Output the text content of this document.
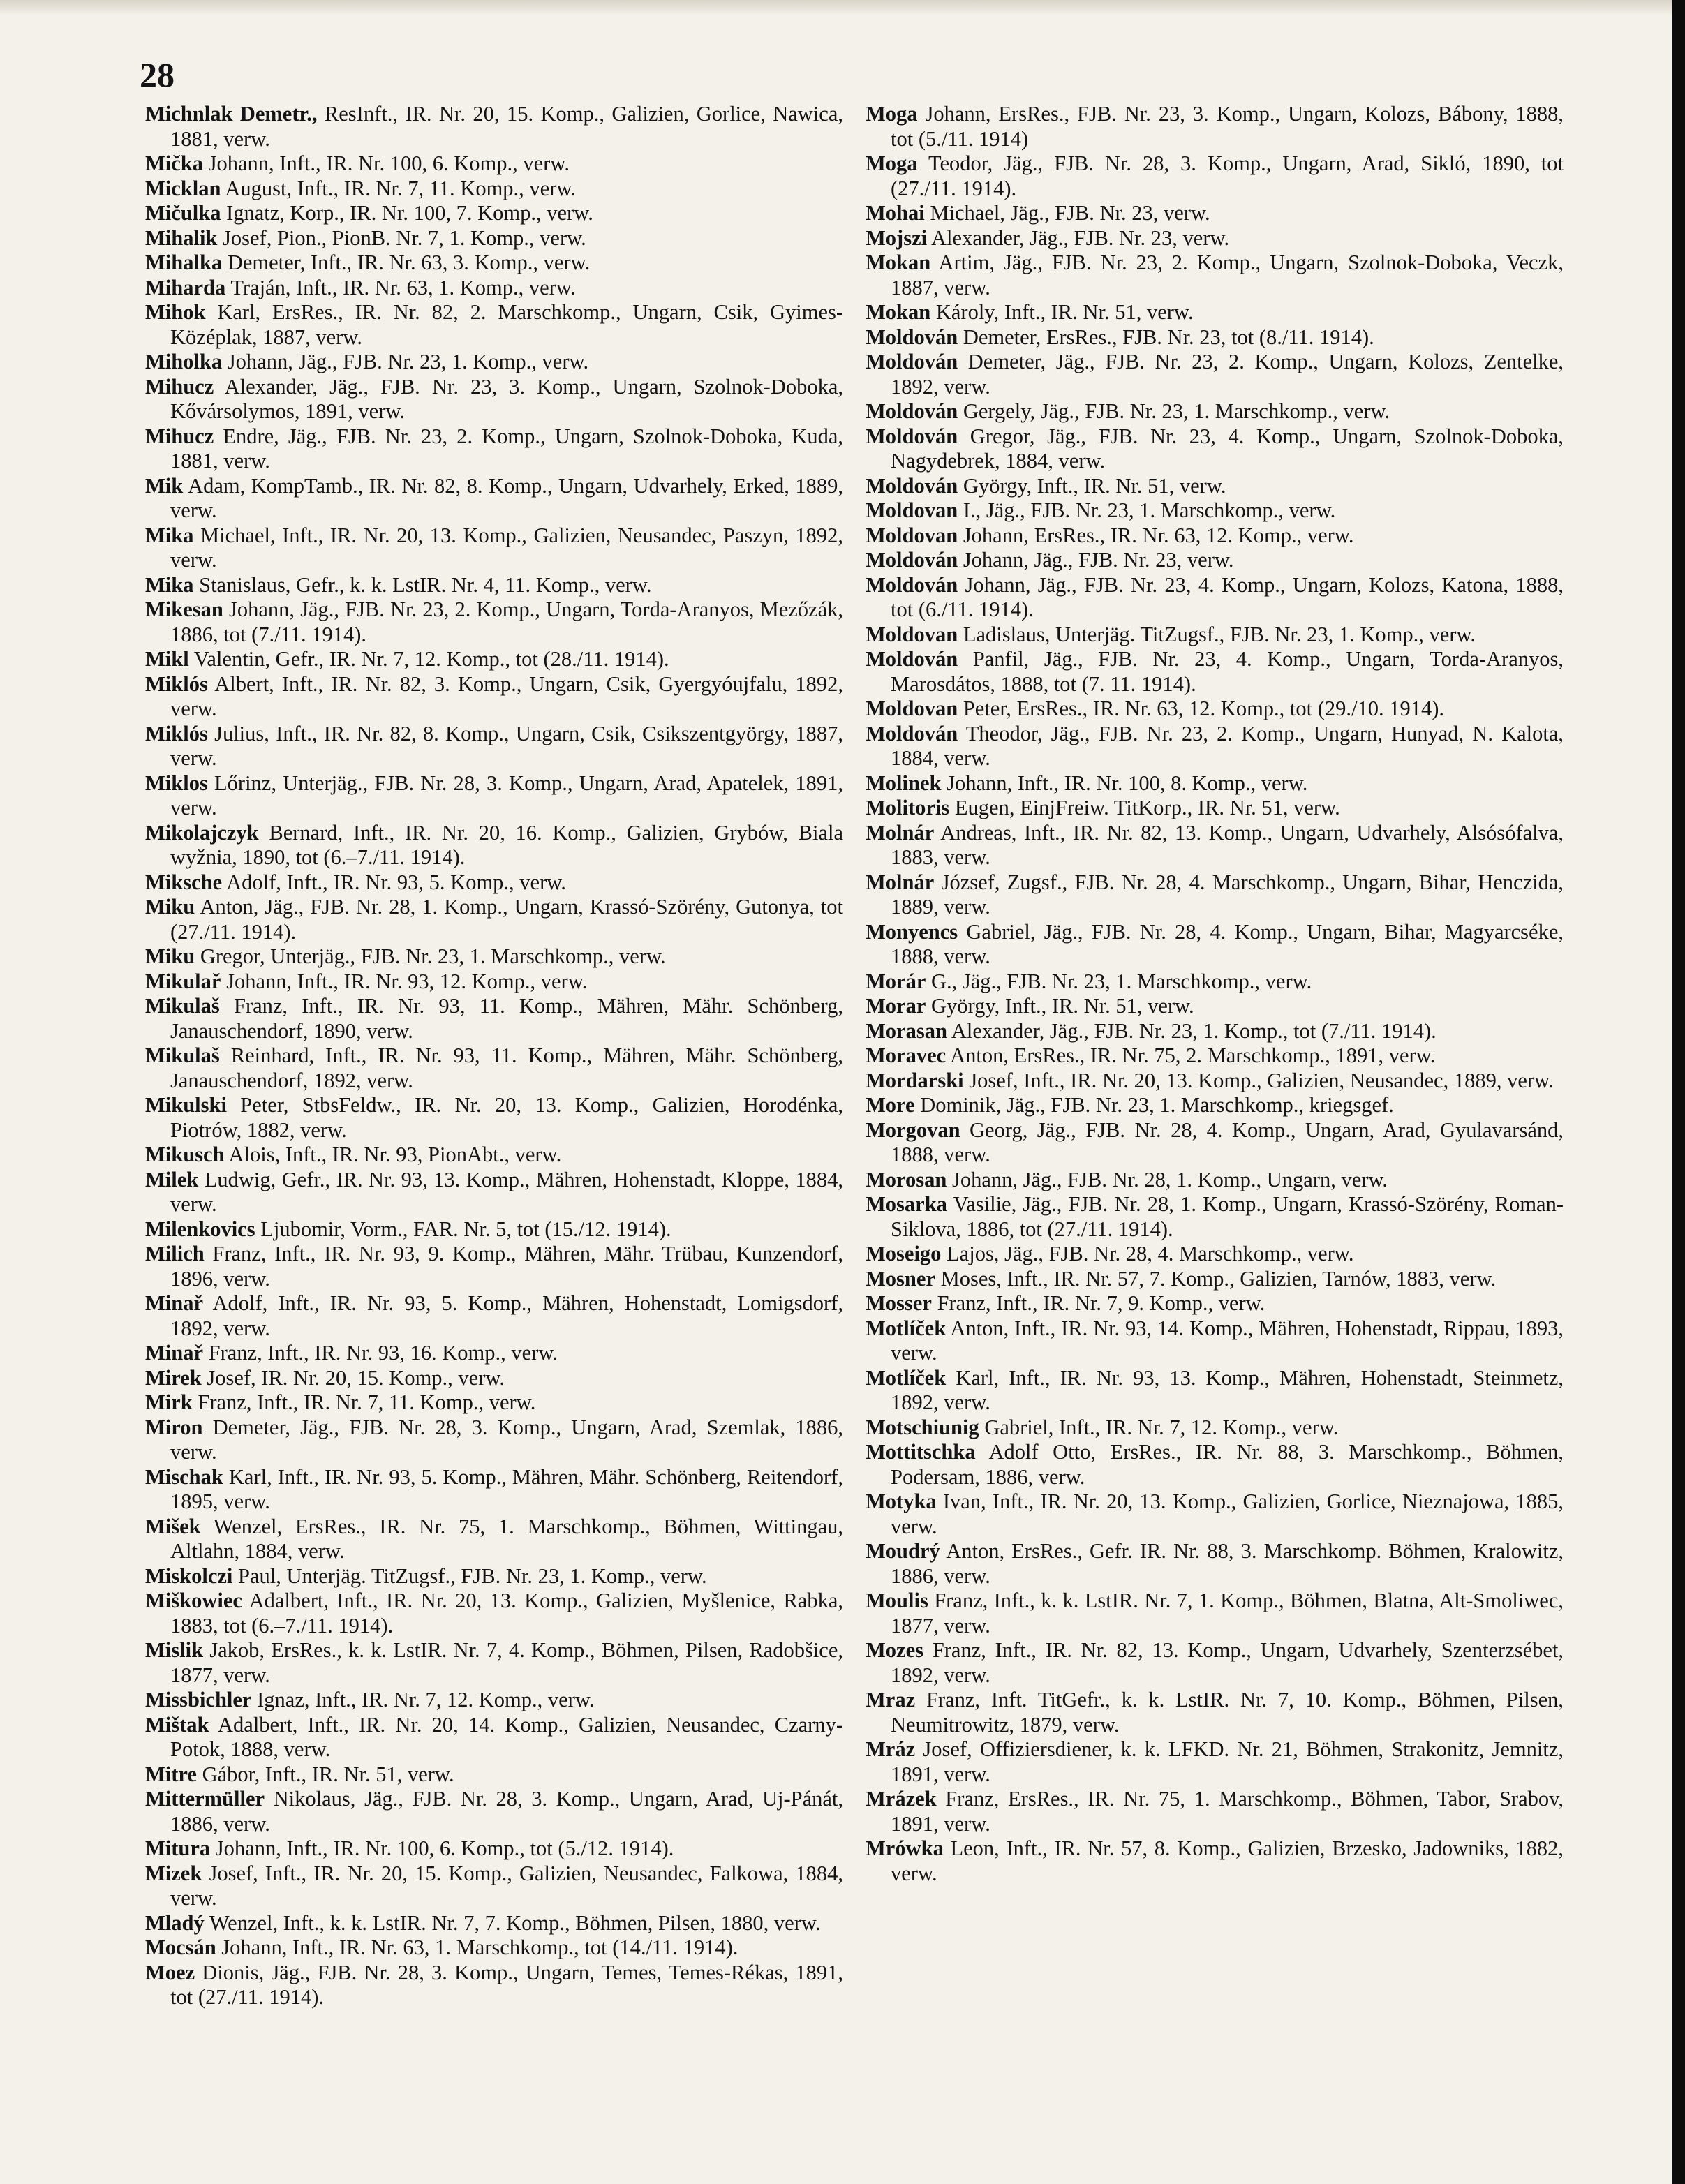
28
Michnlak Demetr., ResInft., IR. Nr. 20, 15. Komp., Galizien, Gorlice, Nawica, 1881, verw.
Mička Johann, Inft., IR. Nr. 100, 6. Komp., verw.
Micklan August, Inft., IR. Nr. 7, 11. Komp., verw.
Mičulka Ignatz, Korp., IR. Nr. 100, 7. Komp., verw.
Mihalik Josef, Pion., PionB. Nr. 7, 1. Komp., verw.
Mihalka Demeter, Inft., IR. Nr. 63, 3. Komp., verw.
Miharda Traján, Inft., IR. Nr. 63, 1. Komp., verw.
Mihok Karl, ErsRes., IR. Nr. 82, 2. Marschkomp., Ungarn, Csik, Gyimes-Középlak, 1887, verw.
Miholka Johann, Jäg., FJB. Nr. 23, 1. Komp., verw.
Mihucz Alexander, Jäg., FJB. Nr. 23, 3. Komp., Ungarn, Szolnok-Doboka, Kővársolymos, 1891, verw.
Mihucz Endre, Jäg., FJB. Nr. 23, 2. Komp., Ungarn, Szolnok-Doboka, Kuda, 1881, verw.
Mik Adam, KompTamb., IR. Nr. 82, 8. Komp., Ungarn, Udvarhely, Erked, 1889, verw.
Mika Michael, Inft., IR. Nr. 20, 13. Komp., Galizien, Neusandec, Paszyn, 1892, verw.
Mika Stanislaus, Gefr., k. k. LstIR. Nr. 4, 11. Komp., verw.
Mikesan Johann, Jäg., FJB. Nr. 23, 2. Komp., Ungarn, Torda-Aranyos, Mezőzák, 1886, tot (7./11. 1914).
Mikl Valentin, Gefr., IR. Nr. 7, 12. Komp., tot (28./11. 1914).
Miklós Albert, Inft., IR. Nr. 82, 3. Komp., Ungarn, Csik, Gyergyóujfalu, 1892, verw.
Miklós Julius, Inft., IR. Nr. 82, 8. Komp., Ungarn, Csik, Csikszentgyörgy, 1887, verw.
Miklos Lőrinz, Unterjäg., FJB. Nr. 28, 3. Komp., Ungarn, Arad, Apatelek, 1891, verw.
Mikolajczyk Bernard, Inft., IR. Nr. 20, 16. Komp., Galizien, Grybów, Biala wyžnia, 1890, tot (6.–7./11. 1914).
Miksche Adolf, Inft., IR. Nr. 93, 5. Komp., verw.
Miku Anton, Jäg., FJB. Nr. 28, 1. Komp., Ungarn, Krassó-Szörény, Gutonya, tot (27./11. 1914).
Miku Gregor, Unterjäg., FJB. Nr. 23, 1. Marschkomp., verw.
Mikulař Johann, Inft., IR. Nr. 93, 12. Komp., verw.
Mikulaš Franz, Inft., IR. Nr. 93, 11. Komp., Mähren, Mähr. Schönberg, Janauschendorf, 1890, verw.
Mikulaš Reinhard, Inft., IR. Nr. 93, 11. Komp., Mähren, Mähr. Schönberg, Janauschendorf, 1892, verw.
Mikulski Peter, StbsFeldw., IR. Nr. 20, 13. Komp., Galizien, Horodénka, Piotrów, 1882, verw.
Mikusch Alois, Inft., IR. Nr. 93, PionAbt., verw.
Milek Ludwig, Gefr., IR. Nr. 93, 13. Komp., Mähren, Hohenstadt, Kloppe, 1884, verw.
Milenkovics Ljubomir, Vorm., FAR. Nr. 5, tot (15./12. 1914).
Milich Franz, Inft., IR. Nr. 93, 9. Komp., Mähren, Mähr. Trübau, Kunzendorf, 1896, verw.
Minař Adolf, Inft., IR. Nr. 93, 5. Komp., Mähren, Hohenstadt, Lomigsdorf, 1892, verw.
Minař Franz, Inft., IR. Nr. 93, 16. Komp., verw.
Mirek Josef, IR. Nr. 20, 15. Komp., verw.
Mirk Franz, Inft., IR. Nr. 7, 11. Komp., verw.
Miron Demeter, Jäg., FJB. Nr. 28, 3. Komp., Ungarn, Arad, Szemlak, 1886, verw.
Mischak Karl, Inft., IR. Nr. 93, 5. Komp., Mähren, Mähr. Schönberg, Reitendorf, 1895, verw.
Mišek Wenzel, ErsRes., IR. Nr. 75, 1. Marschkomp., Böhmen, Wittingau, Altlahn, 1884, verw.
Miskolczi Paul, Unterjäg. TitZugsf., FJB. Nr. 23, 1. Komp., verw.
Miškowiec Adalbert, Inft., IR. Nr. 20, 13. Komp., Galizien, Myšlenice, Rabka, 1883, tot (6.–7./11. 1914).
Mislik Jakob, ErsRes., k. k. LstIR. Nr. 7, 4. Komp., Böhmen, Pilsen, Radobšice, 1877, verw.
Missbichler Ignaz, Inft., IR. Nr. 7, 12. Komp., verw.
Mištak Adalbert, Inft., IR. Nr. 20, 14. Komp., Galizien, Neusandec, Czarny-Potok, 1888, verw.
Mitre Gábor, Inft., IR. Nr. 51, verw.
Mittermüller Nikolaus, Jäg., FJB. Nr. 28, 3. Komp., Ungarn, Arad, Uj-Pánát, 1886, verw.
Mitura Johann, Inft., IR. Nr. 100, 6. Komp., tot (5./12. 1914).
Mizek Josef, Inft., IR. Nr. 20, 15. Komp., Galizien, Neusandec, Falkowa, 1884, verw.
Mladý Wenzel, Inft., k. k. LstIR. Nr. 7, 7. Komp., Böhmen, Pilsen, 1880, verw.
Mocsán Johann, Inft., IR. Nr. 63, 1. Marschkomp., tot (14./11. 1914).
Moez Dionis, Jäg., FJB. Nr. 28, 3. Komp., Ungarn, Temes, Temes-Rékas, 1891, tot (27./11. 1914).
Moga Johann, ErsRes., FJB. Nr. 23, 3. Komp., Ungarn, Kolozs, Bábony, 1888, tot (5./11. 1914)
Moga Teodor, Jäg., FJB. Nr. 28, 3. Komp., Ungarn, Arad, Sikló, 1890, tot (27./11. 1914).
Mohai Michael, Jäg., FJB. Nr. 23, verw.
Mojszi Alexander, Jäg., FJB. Nr. 23, verw.
Mokan Artim, Jäg., FJB. Nr. 23, 2. Komp., Ungarn, Szolnok-Doboka, Veczk, 1887, verw.
Mokan Károly, Inft., IR. Nr. 51, verw.
Moldován Demeter, ErsRes., FJB. Nr. 23, tot (8./11. 1914).
Moldován Demeter, Jäg., FJB. Nr. 23, 2. Komp., Ungarn, Kolozs, Zentelke, 1892, verw.
Moldován Gergely, Jäg., FJB. Nr. 23, 1. Marschkomp., verw.
Moldován Gregor, Jäg., FJB. Nr. 23, 4. Komp., Ungarn, Szolnok-Doboka, Nagydebrek, 1884, verw.
Moldován György, Inft., IR. Nr. 51, verw.
Moldovan I., Jäg., FJB. Nr. 23, 1. Marschkomp., verw.
Moldovan Johann, ErsRes., IR. Nr. 63, 12. Komp., verw.
Moldován Johann, Jäg., FJB. Nr. 23, verw.
Moldován Johann, Jäg., FJB. Nr. 23, 4. Komp., Ungarn, Kolozs, Katona, 1888, tot (6./11. 1914).
Moldovan Ladislaus, Unterjäg. TitZugsf., FJB. Nr. 23, 1. Komp., verw.
Moldován Panfil, Jäg., FJB. Nr. 23, 4. Komp., Ungarn, Torda-Aranyos, Marosdátos, 1888, tot (7. 11. 1914).
Moldovan Peter, ErsRes., IR. Nr. 63, 12. Komp., tot (29./10. 1914).
Moldován Theodor, Jäg., FJB. Nr. 23, 2. Komp., Ungarn, Hunyad, N. Kalota, 1884, verw.
Molinek Johann, Inft., IR. Nr. 100, 8. Komp., verw.
Molitoris Eugen, EinjFreiw. TitKorp., IR. Nr. 51, verw.
Molnár Andreas, Inft., IR. Nr. 82, 13. Komp., Ungarn, Udvarhely, Alsósófalva, 1883, verw.
Molnár József, Zugsf., FJB. Nr. 28, 4. Marschkomp., Ungarn, Bihar, Henczida, 1889, verw.
Monyencs Gabriel, Jäg., FJB. Nr. 28, 4. Komp., Ungarn, Bihar, Magyarcséke, 1888, verw.
Morár G., Jäg., FJB. Nr. 23, 1. Marschkomp., verw.
Morar György, Inft., IR. Nr. 51, verw.
Morasan Alexander, Jäg., FJB. Nr. 23, 1. Komp., tot (7./11. 1914).
Moravec Anton, ErsRes., IR. Nr. 75, 2. Marschkomp., 1891, verw.
Mordarski Josef, Inft., IR. Nr. 20, 13. Komp., Galizien, Neusandec, 1889, verw.
More Dominik, Jäg., FJB. Nr. 23, 1. Marschkomp., kriegsgef.
Morgovan Georg, Jäg., FJB. Nr. 28, 4. Komp., Ungarn, Arad, Gyulavarsánd, 1888, verw.
Morosan Johann, Jäg., FJB. Nr. 28, 1. Komp., Ungarn, verw.
Mosarka Vasilie, Jäg., FJB. Nr. 28, 1. Komp., Ungarn, Krassó-Szörény, Roman-Siklova, 1886, tot (27./11. 1914).
Moseigo Lajos, Jäg., FJB. Nr. 28, 4. Marschkomp., verw.
Mosner Moses, Inft., IR. Nr. 57, 7. Komp., Galizien, Tarnów, 1883, verw.
Mosser Franz, Inft., IR. Nr. 7, 9. Komp., verw.
Motlíček Anton, Inft., IR. Nr. 93, 14. Komp., Mähren, Hohenstadt, Rippau, 1893, verw.
Motlíček Karl, Inft., IR. Nr. 93, 13. Komp., Mähren, Hohenstadt, Steinmetz, 1892, verw.
Motschiunig Gabriel, Inft., IR. Nr. 7, 12. Komp., verw.
Mottitschka Adolf Otto, ErsRes., IR. Nr. 88, 3. Marschkomp., Böhmen, Podersam, 1886, verw.
Motyka Ivan, Inft., IR. Nr. 20, 13. Komp., Galizien, Gorlice, Nieznajowa, 1885, verw.
Moudrý Anton, ErsRes., Gefr. IR. Nr. 88, 3. Marschkomp. Böhmen, Kralowitz, 1886, verw.
Moulis Franz, Inft., k. k. LstIR. Nr. 7, 1. Komp., Böhmen, Blatna, Alt-Smoliwec, 1877, verw.
Mozes Franz, Inft., IR. Nr. 82, 13. Komp., Ungarn, Udvarhely, Szenterzsébet, 1892, verw.
Mraz Franz, Inft. TitGefr., k. k. LstIR. Nr. 7, 10. Komp., Böhmen, Pilsen, Neumitrowitz, 1879, verw.
Mráz Josef, Offiziersdiener, k. k. LFKD. Nr. 21, Böhmen, Strakonitz, Jemnitz, 1891, verw.
Mrázek Franz, ErsRes., IR. Nr. 75, 1. Marschkomp., Böhmen, Tabor, Srabov, 1891, verw.
Mrówka Leon, Inft., IR. Nr. 57, 8. Komp., Galizien, Brzesko, Jadowniks, 1882, verw.
